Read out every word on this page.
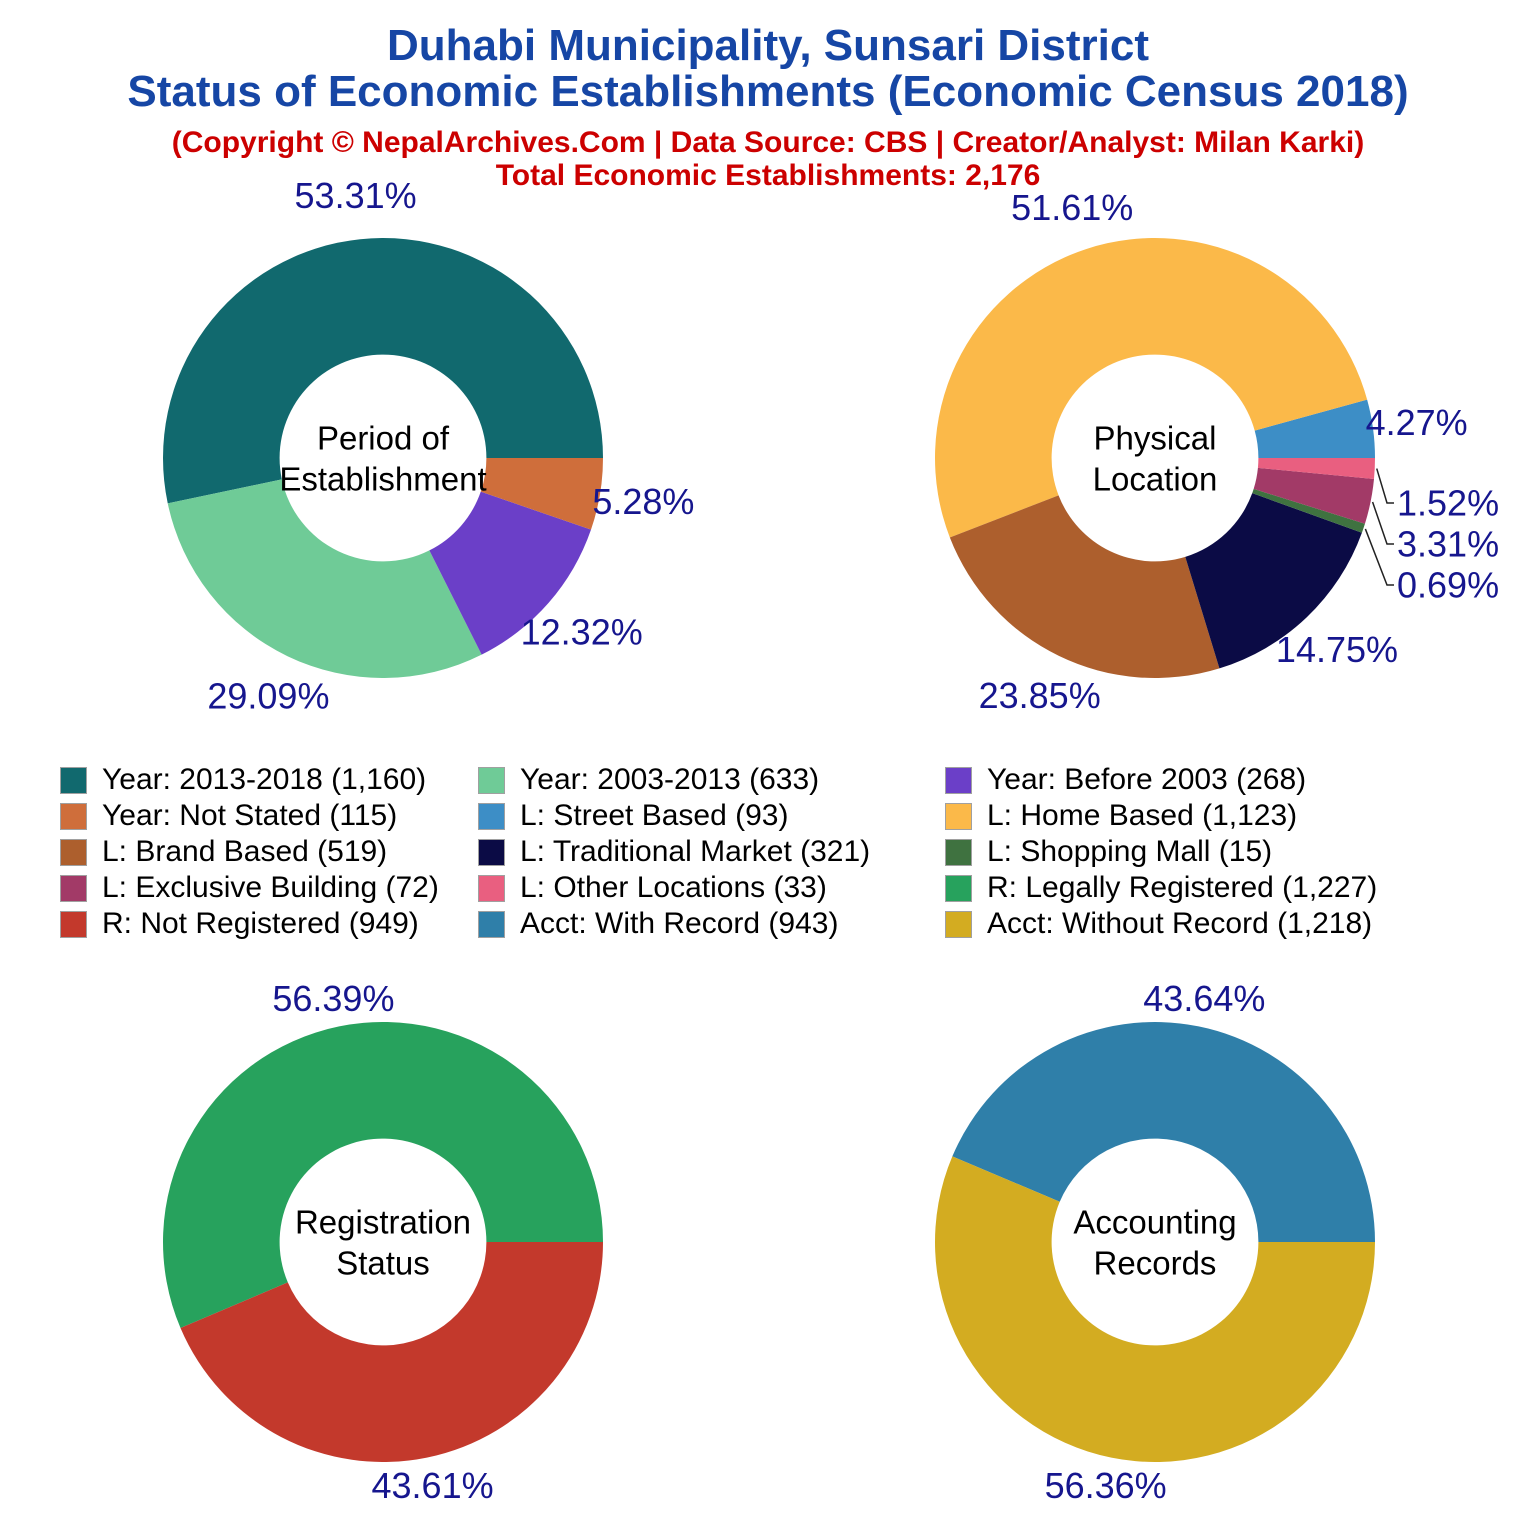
Duhabi Municipality, Sunsari District
Status of Economic Establishments (Economic Census 2018)
(Copyright © NepalArchives.Com | Data Source: CBS | Creator/Analyst: Milan Karki)
Total Economic Establishments: 2,176
53.31%
29.09%
12.32%
5.28%
Period of
Establishment
4.27%
51.61%
23.85%
14.75%
1.52%
3.31%
0.69%
Physical
Location
56.39%
43.61%
Registration
Status
43.64%
56.36%
Accounting
Records
Year: 2013-2018 (1,160)	Year: 2003-2013 (633)	Year: Before 2003 (268)
Year: Not Stated (115)	L: Street Based (93)	L: Home Based (1,123)
L: Brand Based (519)	L: Traditional Market (321)	L: Shopping Mall (15)
L: Exclusive Building (72)	L: Other Locations (33)	R: Legally Registered (1,227)
R: Not Registered (949)	Acct: With Record (943)	Acct: Without Record (1,218)
